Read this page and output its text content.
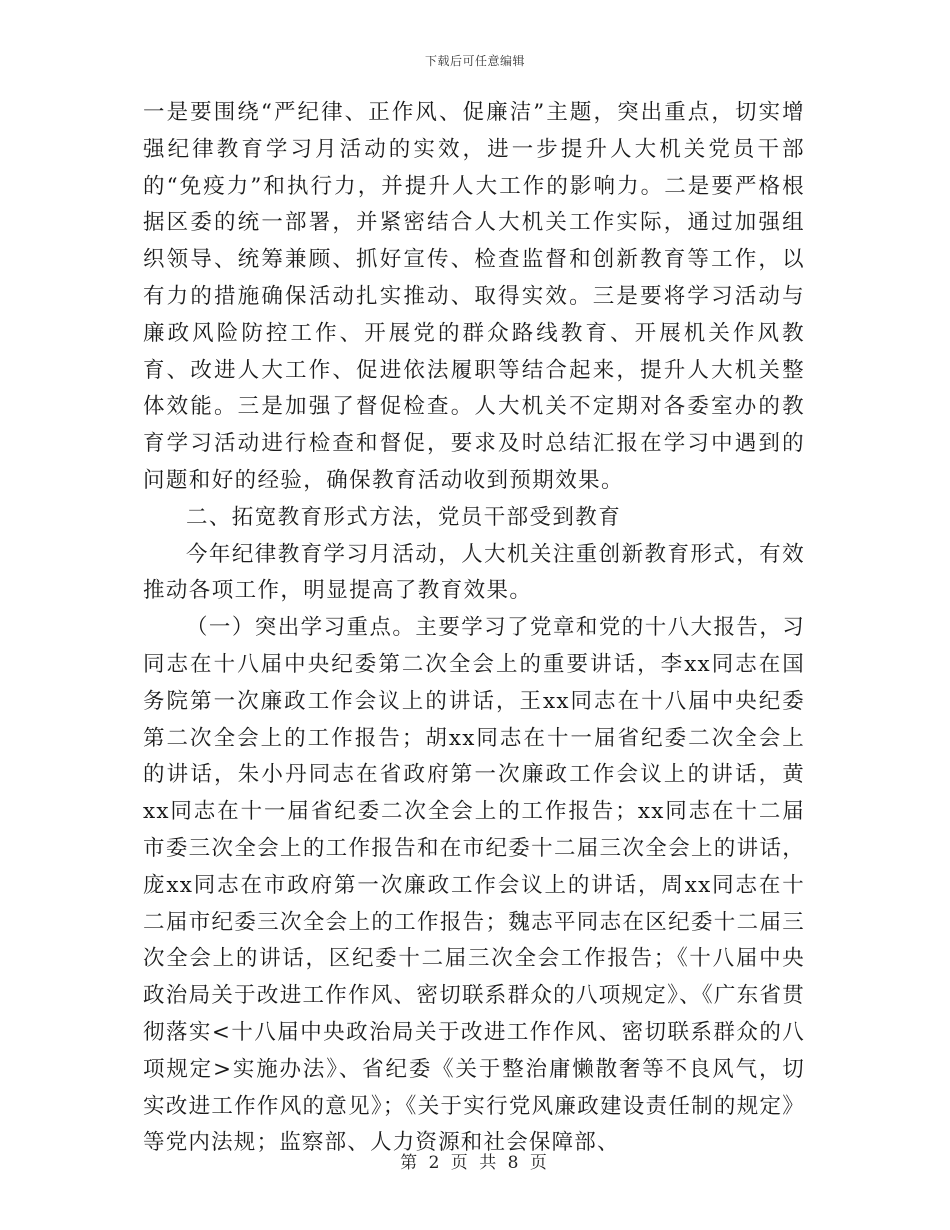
下载后可任意编辑

一是要围绕“严纪律、正作风、促廉洁”主题，突出重点，切实增强纪律教育学习月活动的实效，进一步提升人大机关党员干部的“免疫力”和执行力，并提升人大工作的影响力。二是要严格根据区委的统一部署，并紧密结合人大机关工作实际，通过加强组织领导、统筹兼顾、抓好宣传、检查监督和创新教育等工作，以有力的措施确保活动扎实推动、取得实效。三是要将学习活动与廉政风险防控工作、开展党的群众路线教育、开展机关作风教育、改进人大工作、促进依法履职等结合起来，提升人大机关整体效能。三是加强了督促检查。人大机关不定期对各委室办的教育学习活动进行检查和督促，要求及时总结汇报在学习中遇到的问题和好的经验，确保教育活动收到预期效果。

二、拓宽教育形式方法，党员干部受到教育

今年纪律教育学习月活动，人大机关注重创新教育形式，有效推动各项工作，明显提高了教育效果。

（一）突出学习重点。主要学习了党章和党的十八大报告，习同志在十八届中央纪委第二次全会上的重要讲话，李xx同志在国务院第一次廉政工作会议上的讲话，王xx同志在十八届中央纪委第二次全会上的工作报告；胡xx同志在十一届省纪委二次全会上的讲话，朱小丹同志在省政府第一次廉政工作会议上的讲话，黄xx同志在十一届省纪委二次全会上的工作报告；xx同志在十二届市委三次全会上的工作报告和在市纪委十二届三次全会上的讲话，庞xx同志在市政府第一次廉政工作会议上的讲话，周xx同志在十二届市纪委三次全会上的工作报告；魏志平同志在区纪委十二届三次全会上的讲话，区纪委十二届三次全会工作报告；《十八届中央政治局关于改进工作作风、密切联系群众的八项规定》、《广东省贯彻落实<十八届中央政治局关于改进工作作风、密切联系群众的八项规定>实施办法》、省纪委《关于整治庸懒散奢等不良风气，切实改进工作作风的意见》；《关于实行党风廉政建设责任制的规定》等党内法规；监察部、人力资源和社会保障部、

第 2 页 共 8 页
